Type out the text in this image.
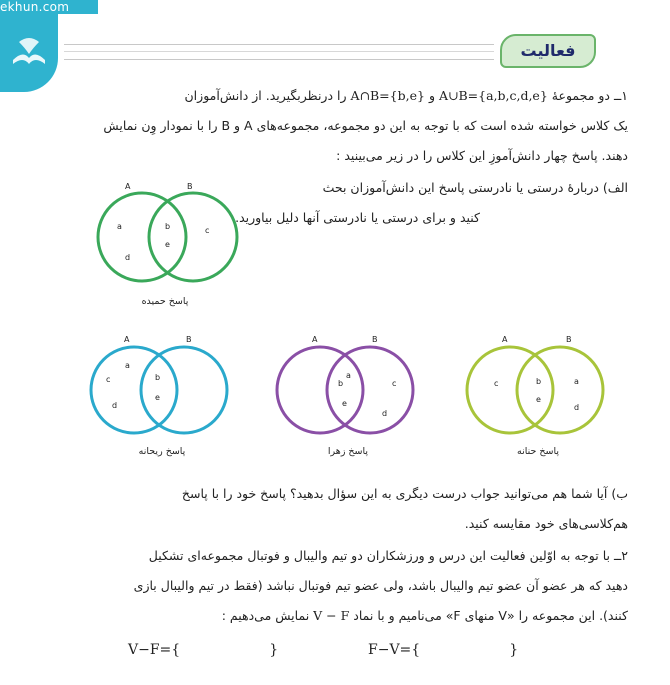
ekhun.com
فعالیت
١ــ دو مجموعهٔ A∪B={a,b,c,d,e} و A∩B={b,e} را درنظربگیرید. از دانش‌آموزان
یک کلاس خواسته شده است که با توجه به این دو مجموعه، مجموعه‌های A و B را با نمودار وِن نمایش
دهند. پاسخ چهار دانش‌آموزِ این کلاس را در زیر می‌بینید :
الف) دربارهٔ درستی یا نادرستی پاسخ این دانش‌آموزان بحث
کنید و برای درستی یا نادرستی آنها دلیل بیاورید.
A	B
a	b
e
c
d
پاسخ حمیده
A	B
a
c	b
e
d
پاسخ ریحانه
A	B
b
a
c
e
d
پاسخ زهرا
A	B
c	b	a
e
d
پاسخ حنانه
ب) آیا شما هم می‌توانید جواب درست دیگری به این سؤال بدهید؟ پاسخ خود را با پاسخ
هم‌کلاسی‌های خود مقایسه کنید.
٢ــ با توجه به اوّلین فعالیت این درس و ورزشکاران دو تیم والیبال و فوتبال مجموعه‌ای تشکیل
دهید که هر عضو آن عضو تیم والیبال باشد، ولی عضو تیم فوتبال نباشد (فقط در تیم والیبال بازی
کنند). این مجموعه را «V منهای F» می‌نامیم و با نماد V − F نمایش می‌دهیم :
V−F={                    }	F−V={                    }
